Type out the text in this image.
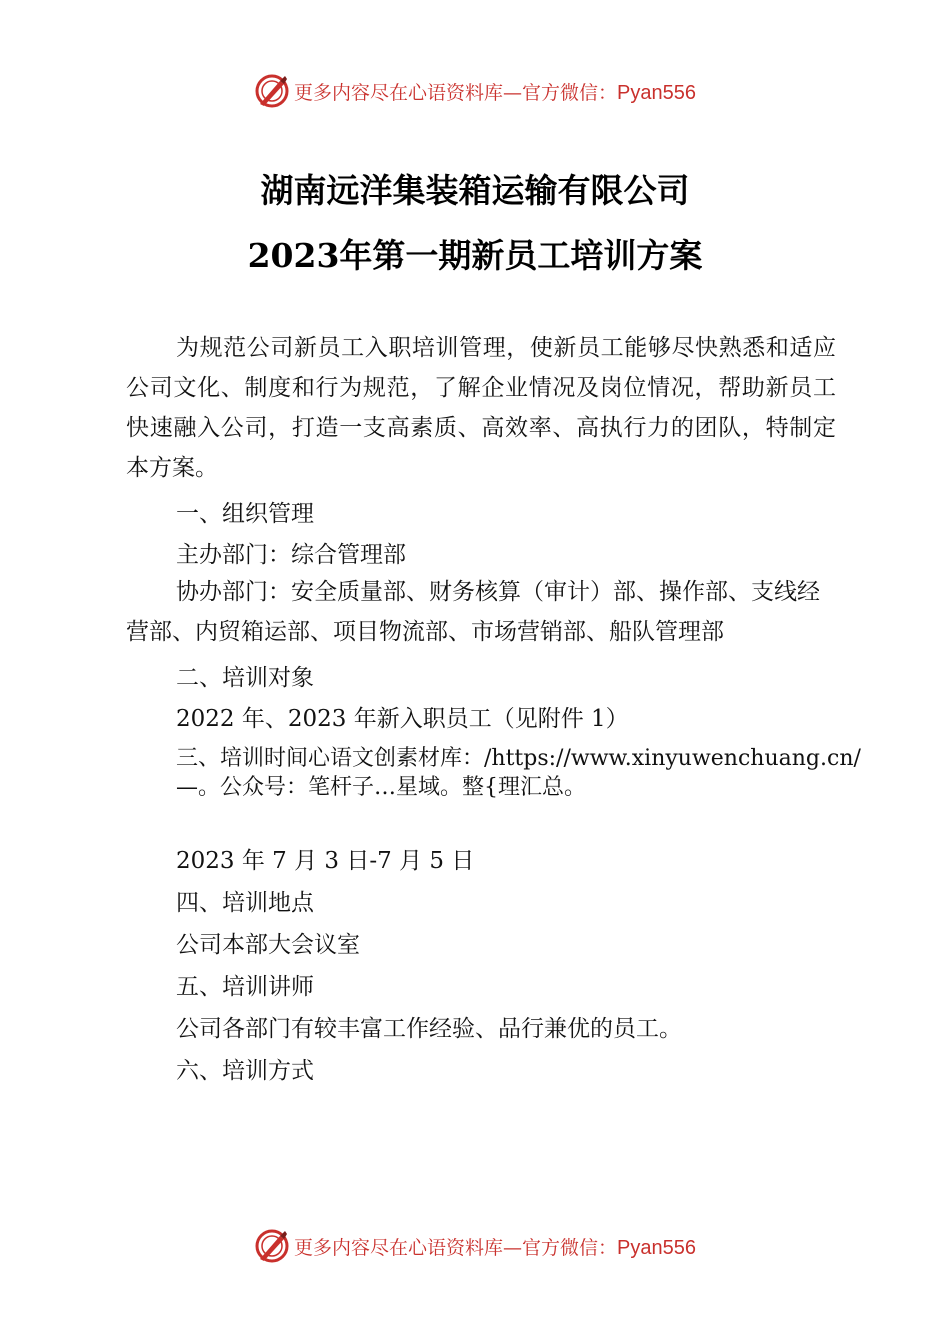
更多内容尽在心语资料库—官方微信：Pyan556
湖南远洋集装箱运输有限公司
2023年第一期新员工培训方案

为规范公司新员工入职培训管理，使新员工能够尽快熟悉和适应公司文化、制度和行为规范，了解企业情况及岗位情况，帮助新员工快速融入公司，打造一支高素质、高效率、高执行力的团队，特制定本方案。

一、组织管理
主办部门：综合管理部
协办部门：安全质量部、财务核算（审计）部、操作部、支线经营部、内贸箱运部、项目物流部、市场营销部、船队管理部
二、培训对象
2022 年、2023 年新入职员工（见附件 1）
三、培训时间心语文创素材库：/https://www.xinyuwenchuang.cn/—。公众号：笔杆子…星域。整{理汇总。
2023 年 7 月 3 日-7 月 5 日
四、培训地点
公司本部大会议室
五、培训讲师
公司各部门有较丰富工作经验、品行兼优的员工。
六、培训方式
更多内容尽在心语资料库—官方微信：Pyan556
